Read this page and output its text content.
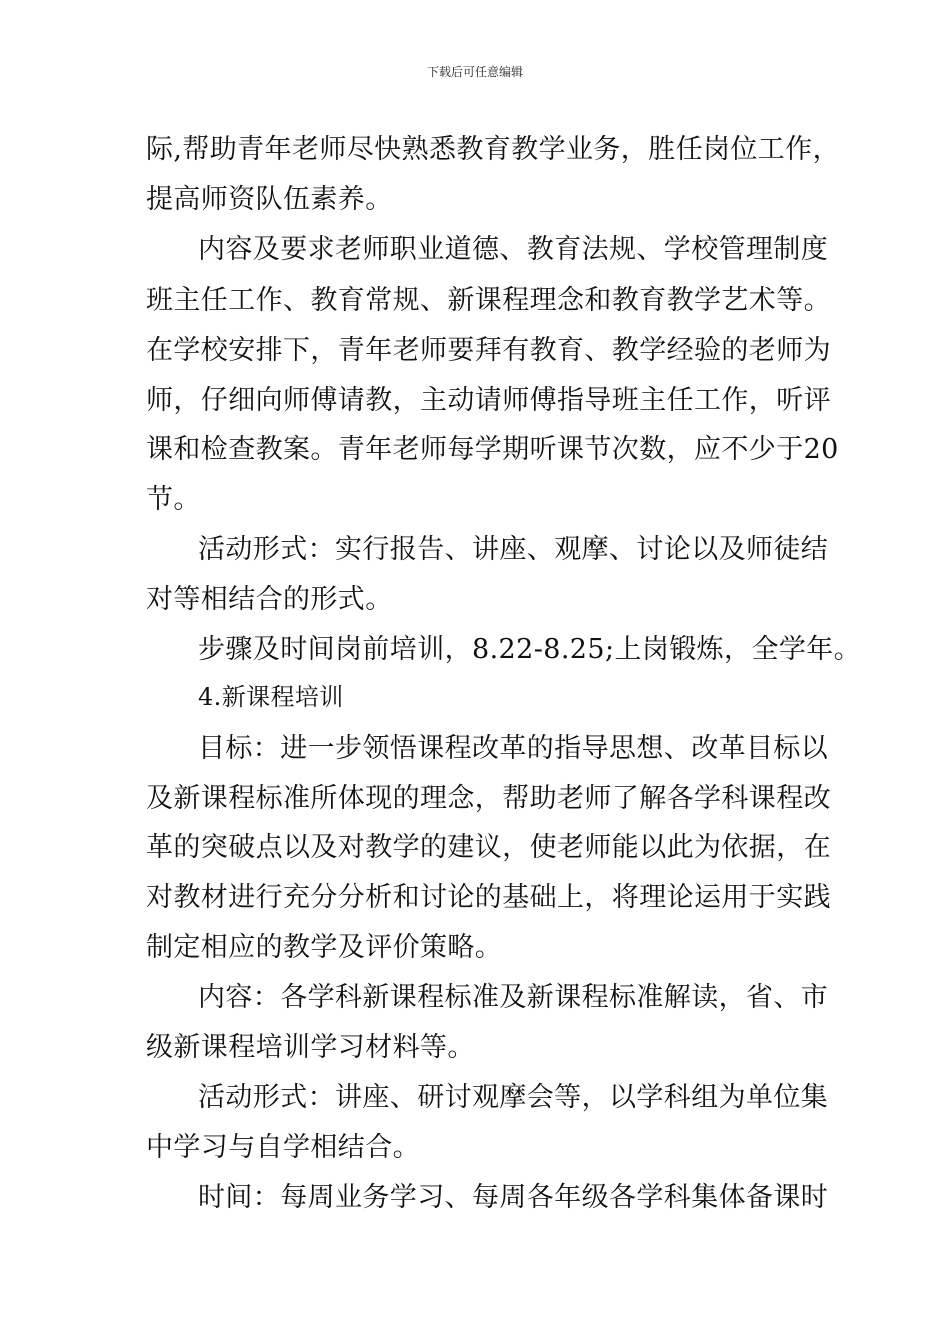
下载后可任意编辑
际,帮助青年老师尽快熟悉教育教学业务，胜任岗位工作，
提高师资队伍素养。
内容及要求老师职业道德、教育法规、学校管理制度
班主任工作、教育常规、新课程理念和教育教学艺术等。
在学校安排下，青年老师要拜有教育、教学经验的老师为
师，仔细向师傅请教，主动请师傅指导班主任工作，听评
课和检查教案。青年老师每学期听课节次数，应不少于20
节。
活动形式：实行报告、讲座、观摩、讨论以及师徒结
对等相结合的形式。
步骤及时间岗前培训，8.22-8.25;上岗锻炼，全学年。
4.新课程培训
目标：进一步领悟课程改革的指导思想、改革目标以
及新课程标准所体现的理念，帮助老师了解各学科课程改
革的突破点以及对教学的建议，使老师能以此为依据，在
对教材进行充分分析和讨论的基础上，将理论运用于实践
制定相应的教学及评价策略。
内容：各学科新课程标准及新课程标准解读，省、市
级新课程培训学习材料等。
活动形式：讲座、研讨观摩会等，以学科组为单位集
中学习与自学相结合。
时间：每周业务学习、每周各年级各学科集体备课时
